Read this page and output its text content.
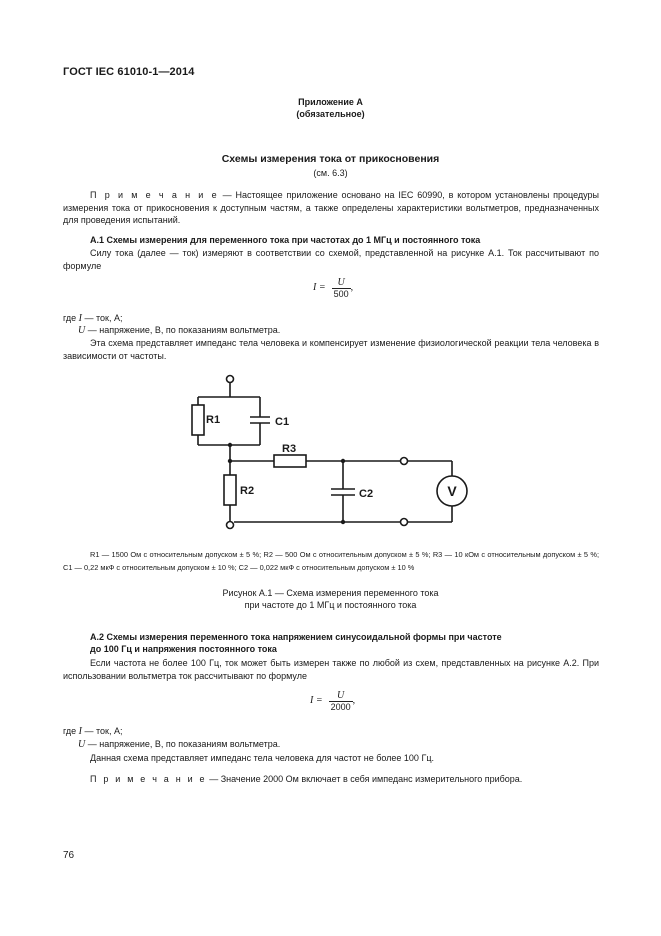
ГОСТ IEC 61010-1—2014
Приложение А
(обязательное)
Схемы измерения тока от прикосновения
(см. 6.3)
П р и м е ч а н и е — Настоящее приложение основано на IEC 60990, в котором установлены процедуры измерения тока от прикосновения к доступным частям, а также определены характеристики вольтметров, предназначенных для проведения испытаний.
А.1 Схемы измерения для переменного тока при частотах до 1 МГц и постоянного тока
Силу тока (далее — ток) измеряют в соответствии со схемой, представленной на рисунке А.1. Ток рассчитывают по формуле
$I = \frac{U}{500}$ ,
где I — ток, А;
U — напряжение, В, по показаниям вольтметра.
Эта схема представляет импеданс тела человека и компенсирует изменение физиологической реакции тела человека в зависимости от частоты.
R1	C1
R3
R2	C2	V
R1 — 1500 Ом с относительным допуском ± 5 %; R2 — 500 Ом с относительным допуском ± 5 %; R3 — 10 кОм с относительным допуском ± 5 %; C1 — 0,22 мкФ с относительным допуском ± 10 %; C2 — 0,022 мкФ с относительным допуском ± 10 %
Рисунок А.1 — Схема измерения переменного тока
при частоте до 1 МГц и постоянного тока
А.2 Схемы измерения переменного тока напряжением синусоидальной формы при частоте
до 100 Гц и напряжения постоянного тока
Если частота не более 100 Гц, ток может быть измерен также по любой из схем, представленных на рисунке А.2. При использовании вольтметра ток рассчитывают по формуле
$I = \frac{U}{2000}$ ,
где I — ток, А;
U — напряжение, В, по показаниям вольтметра.
Данная схема представляет импеданс тела человека для частот не более 100 Гц.
П р и м е ч а н и е — Значение 2000 Ом включает в себя импеданс измерительного прибора.
76
